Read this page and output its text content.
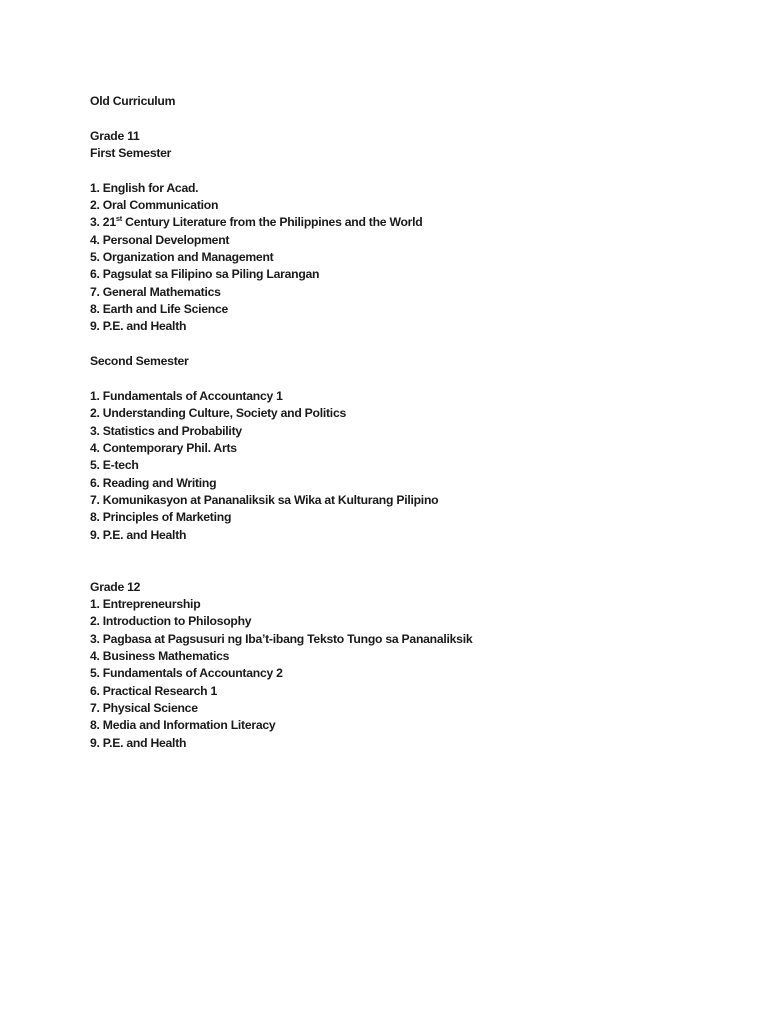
Old Curriculum
Grade 11
First Semester
1. English for Acad.
2. Oral Communication
3. 21st Century Literature from the Philippines and the World
4. Personal Development
5. Organization and Management
6. Pagsulat sa Filipino sa Piling Larangan
7. General Mathematics
8. Earth and Life Science
9. P.E. and Health
Second Semester
1. Fundamentals of Accountancy 1
2. Understanding Culture, Society and Politics
3. Statistics and Probability
4. Contemporary Phil. Arts
5. E-tech
6. Reading and Writing
7. Komunikasyon at Pananaliksik sa Wika at Kulturang Pilipino
8. Principles of Marketing
9. P.E. and Health
Grade 12
1. Entrepreneurship
2. Introduction to Philosophy
3. Pagbasa at Pagsusuri ng Iba’t-ibang Teksto Tungo sa Pananaliksik
4. Business Mathematics
5. Fundamentals of Accountancy 2
6. Practical Research 1
7. Physical Science
8. Media and Information Literacy
9. P.E. and Health
